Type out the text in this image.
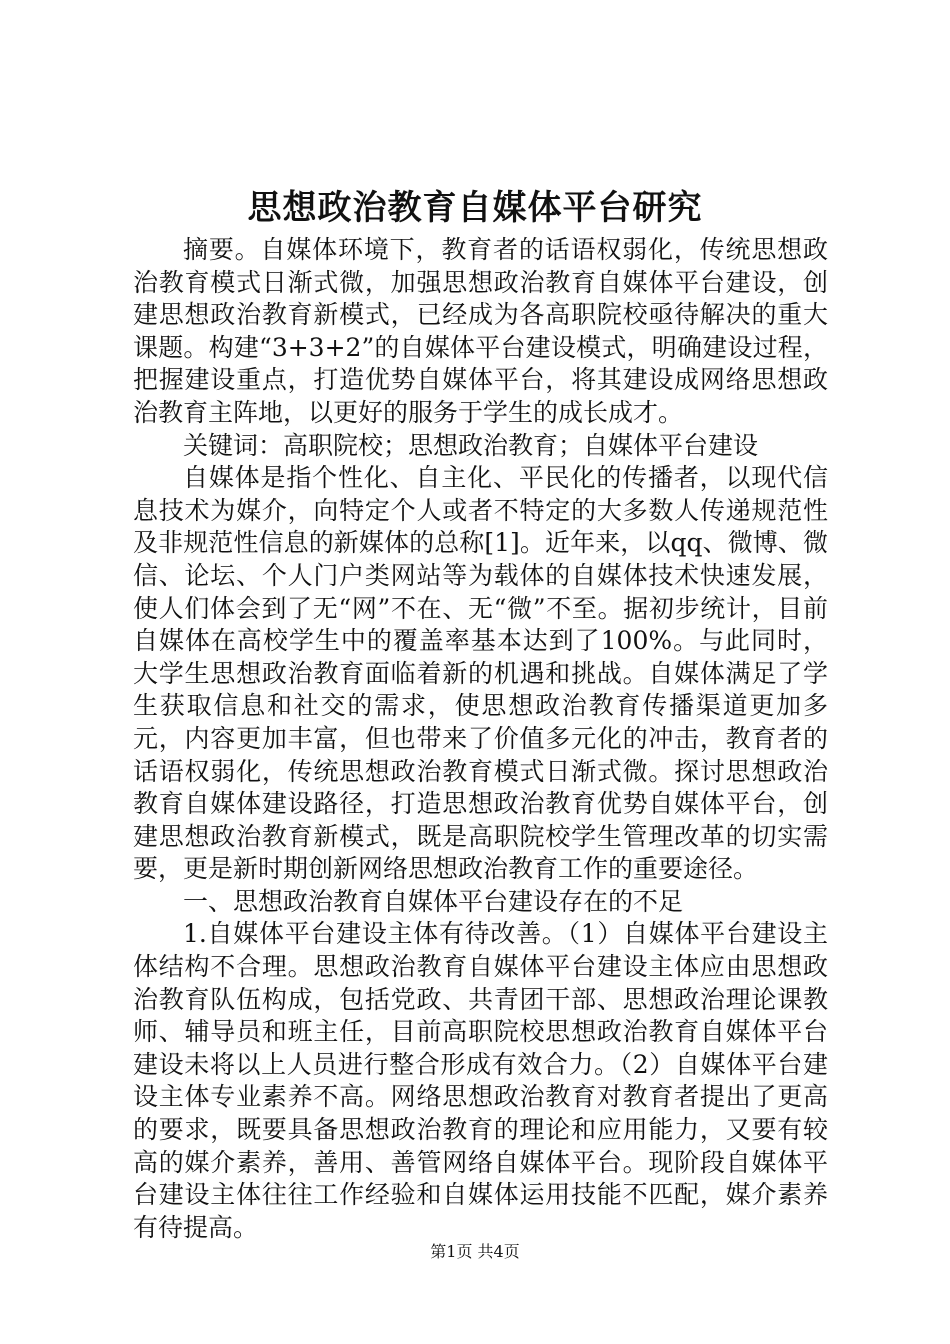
思想政治教育自媒体平台研究

摘要。自媒体环境下，教育者的话语权弱化，传统思想政治教育模式日渐式微，加强思想政治教育自媒体平台建设，创建思想政治教育新模式，已经成为各高职院校亟待解决的重大课题。构建“3+3+2”的自媒体平台建设模式，明确建设过程，把握建设重点，打造优势自媒体平台，将其建设成网络思想政治教育主阵地，以更好的服务于学生的成长成才。

关键词：高职院校；思想政治教育；自媒体平台建设

自媒体是指个性化、自主化、平民化的传播者，以现代信息技术为媒介，向特定个人或者不特定的大多数人传递规范性及非规范性信息的新媒体的总称[1]。近年来，以qq、微博、微信、论坛、个人门户类网站等为载体的自媒体技术快速发展，使人们体会到了无“网”不在、无“微”不至。据初步统计，目前自媒体在高校学生中的覆盖率基本达到了100%。与此同时，大学生思想政治教育面临着新的机遇和挑战。自媒体满足了学生获取信息和社交的需求，使思想政治教育传播渠道更加多元，内容更加丰富，但也带来了价值多元化的冲击，教育者的话语权弱化，传统思想政治教育模式日渐式微。探讨思想政治教育自媒体建设路径，打造思想政治教育优势自媒体平台，创建思想政治教育新模式，既是高职院校学生管理改革的切实需要，更是新时期创新网络思想政治教育工作的重要途径。

一、思想政治教育自媒体平台建设存在的不足

1.自媒体平台建设主体有待改善。（1）自媒体平台建设主体结构不合理。思想政治教育自媒体平台建设主体应由思想政治教育队伍构成，包括党政、共青团干部、思想政治理论课教师、辅导员和班主任，目前高职院校思想政治教育自媒体平台建设未将以上人员进行整合形成有效合力。（2）自媒体平台建设主体专业素养不高。网络思想政治教育对教育者提出了更高的要求，既要具备思想政治教育的理论和应用能力，又要有较高的媒介素养，善用、善管网络自媒体平台。现阶段自媒体平台建设主体往往工作经验和自媒体运用技能不匹配，媒介素养有待提高。

第1页 共4页
